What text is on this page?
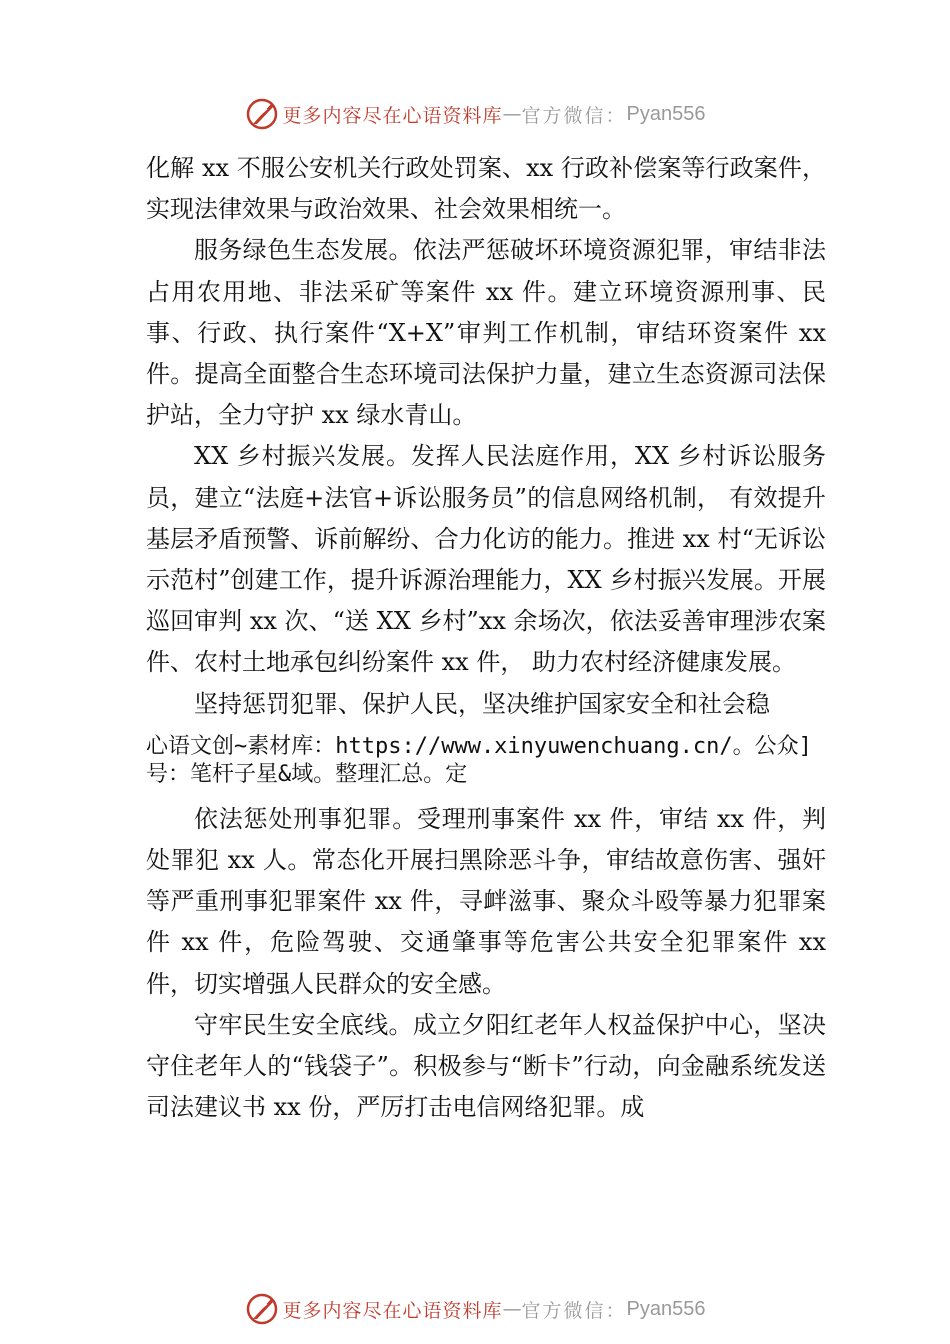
更多内容尽在心语资料库 — 官方微信： Pyan556

化解 xx 不服公安机关行政处罚案、xx 行政补偿案等行政案件，实现法律效果与政治效果、社会效果相统一。

服务绿色生态发展。依法严惩破坏环境资源犯罪，审结非法占用农用地、非法采矿等案件 xx 件。建立环境资源刑事、民事、行政、执行案件“X+X”审判工作机制，审结环资案件 xx 件。提高全面整合生态环境司法保护力量，建立生态资源司法保护站，全力守护 xx 绿水青山。

XX 乡村振兴发展。发挥人民法庭作用，XX 乡村诉讼服务员，建立“法庭+法官+诉讼服务员”的信息网络机制， 有效提升基层矛盾预警、诉前解纷、合力化访的能力。推进 xx 村“无诉讼示范村”创建工作，提升诉源治理能力，XX 乡村振兴发展。开展巡回审判 xx 次、“送 XX 乡村”xx 余场次，依法妥善审理涉农案件、农村土地承包纠纷案件 xx 件， 助力农村经济健康发展。

坚持惩罚犯罪、保护人民，坚决维护国家安全和社会稳

心语文创~素材库：https://www.xinyuwenchuang.cn/。公众]号：笔杆子星&域。整理汇总。定

依法惩处刑事犯罪。受理刑事案件 xx 件，审结 xx 件，判处罪犯 xx 人。常态化开展扫黑除恶斗争，审结故意伤害、强奸等严重刑事犯罪案件 xx 件，寻衅滋事、聚众斗殴等暴力犯罪案件 xx 件，危险驾驶、交通肇事等危害公共安全犯罪案件 xx 件，切实增强人民群众的安全感。

守牢民生安全底线。成立夕阳红老年人权益保护中心，坚决守住老年人的“钱袋子”。积极参与“断卡”行动，向金融系统发送司法建议书 xx 份，严厉打击电信网络犯罪。成

更多内容尽在心语资料库 — 官方微信： Pyan556
